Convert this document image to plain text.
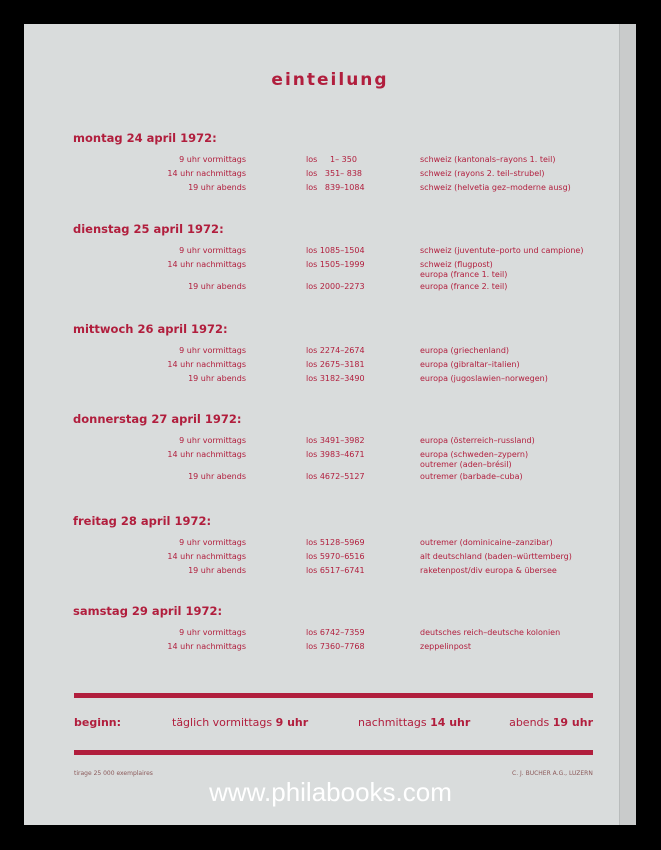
einteilung
beginn:	täglich vormittags 9 uhr	nachmittags 14 uhr	abends 19 uhr
tirage 25 000 exemplaires	C. J. BUCHER A.G., LUZERN
montag 24 april 1972:
9 uhr vormittags	los     1– 350	schweiz (kantonals–rayons 1. teil)
14 uhr nachmittags	los   351– 838	schweiz (rayons 2. teil–strubel)
19 uhr abends	los   839–1084	schweiz (helvetia gez–moderne ausg)
dienstag 25 april 1972:
9 uhr vormittags	los 1085–1504	schweiz (juventute–porto und campione)
14 uhr nachmittags	los 1505–1999	schweiz (flugpost)
europa (france 1. teil)
19 uhr abends	los 2000–2273	europa (france 2. teil)
mittwoch 26 april 1972:
9 uhr vormittags	los 2274–2674	europa (griechenland)
14 uhr nachmittags	los 2675–3181	europa (gibraltar–italien)
19 uhr abends	los 3182–3490	europa (jugoslawien–norwegen)
donnerstag 27 april 1972:
9 uhr vormittags	los 3491–3982	europa (österreich–russland)
14 uhr nachmittags	los 3983–4671	europa (schweden–zypern)
outremer (aden–brésil)
19 uhr abends	los 4672–5127	outremer (barbade–cuba)
freitag 28 april 1972:
9 uhr vormittags	los 5128–5969	outremer (dominicaine–zanzibar)
14 uhr nachmittags	los 5970–6516	alt deutschland (baden–württemberg)
19 uhr abends	los 6517–6741	raketenpost/div europa & übersee
samstag 29 april 1972:
9 uhr vormittags	los 6742–7359	deutsches reich–deutsche kolonien
14 uhr nachmittags	los 7360–7768	zeppelinpost
www.philabooks.com
